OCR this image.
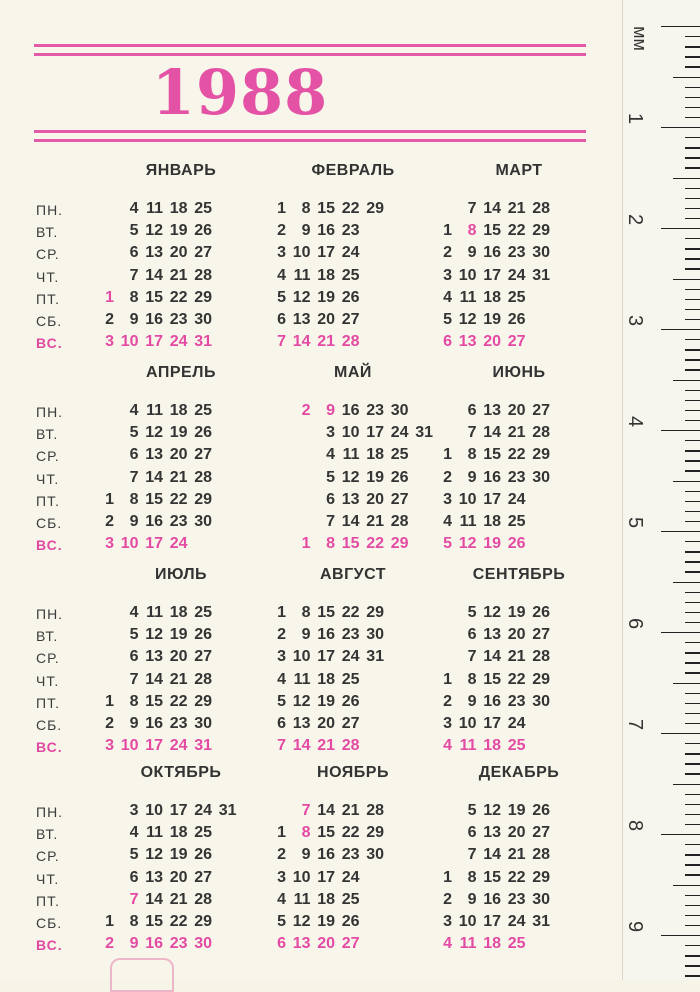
1988
ПН.
ВТ.
СР.
ЧТ.
ПТ.
СБ.
ВС.
ПН.
ВТ.
СР.
ЧТ.
ПТ.
СБ.
ВС.
ПН.
ВТ.
СР.
ЧТ.
ПТ.
СБ.
ВС.
ПН.
ВТ.
СР.
ЧТ.
ПТ.
СБ.
ВС.
ЯНВАРЬ
4 11 18 25
5 12 19 26
6 13 20 27
7 14 21 28
1 8 15 22 29
2 9 16 23 30
3 10 17 24 31
ФЕВРАЛЬ
1 8 15 22 29
2 9 16 23
3 10 17 24
4 11 18 25
5 12 19 26
6 13 20 27
7 14 21 28
МАРТ
7 14 21 28
1 8 15 22 29
2 9 16 23 30
3 10 17 24 31
4 11 18 25
5 12 19 26
6 13 20 27
АПРЕЛЬ
4 11 18 25
5 12 19 26
6 13 20 27
7 14 21 28
1 8 15 22 29
2 9 16 23 30
3 10 17 24
МАЙ
2 9 16 23 30
3 10 17 24 31
4 11 18 25
5 12 19 26
6 13 20 27
7 14 21 28
1 8 15 22 29
ИЮНЬ
6 13 20 27
7 14 21 28
1 8 15 22 29
2 9 16 23 30
3 10 17 24
4 11 18 25
5 12 19 26
ИЮЛЬ
4 11 18 25
5 12 19 26
6 13 20 27
7 14 21 28
1 8 15 22 29
2 9 16 23 30
3 10 17 24 31
АВГУСТ
1 8 15 22 29
2 9 16 23 30
3 10 17 24 31
4 11 18 25
5 12 19 26
6 13 20 27
7 14 21 28
СЕНТЯБРЬ
5 12 19 26
6 13 20 27
7 14 21 28
1 8 15 22 29
2 9 16 23 30
3 10 17 24
4 11 18 25
ОКТЯБРЬ
3 10 17 24 31
4 11 18 25
5 12 19 26
6 13 20 27
7 14 21 28
1 8 15 22 29
2 9 16 23 30
НОЯБРЬ
7 14 21 28
1 8 15 22 29
2 9 16 23 30
3 10 17 24
4 11 18 25
5 12 19 26
6 13 20 27
ДЕКАБРЬ
5 12 19 26
6 13 20 27
7 14 21 28
1 8 15 22 29
2 9 16 23 30
3 10 17 24 31
4 11 18 25
мм
1
2
3
4
5
6
7
8
9
